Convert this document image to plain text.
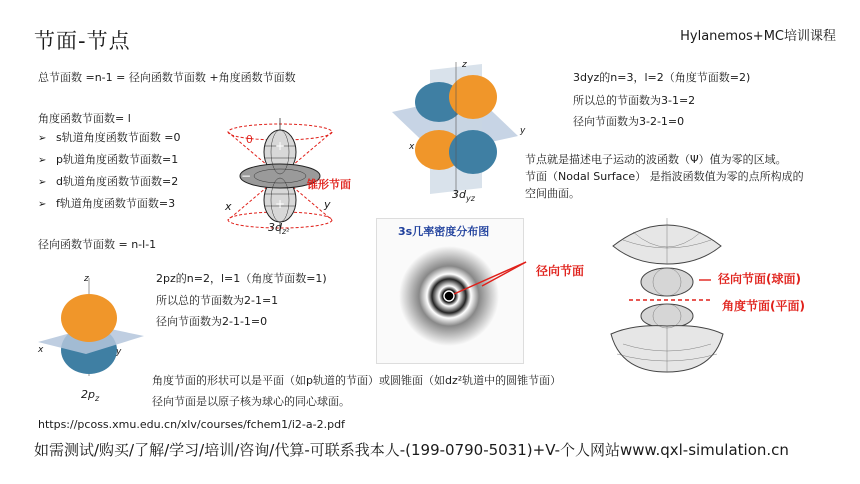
节面-节点	Hylanemos+MC培训课程
总节面数 =n-1 = 径向函数节面数 +角度函数节面数
角度函数节面数= l
➢ s轨道角度函数节面数 =0
➢ p轨道角度函数节面数=1
➢ d轨道角度函数节面数=2
➢ f轨道角度函数节面数=3
径向函数节面数 = n-l-1
+
+
−
θ
锥形节面
x	y
$3d_{z^2}$
z
x
y
$3d_{yz}$
3dyz的n=3，l=2（角度节面数=2)
所以总的节面数为3-1=2
径向节面数为3-2-1=0
节点就是描述电子运动的波函数（Ψ）值为零的区域。
节面（Nodal Surface） 是指波函数值为零的点所构成的
空间曲面。
z
x	y
$2p_z$
2pz的n=2，l=1（角度节面数=1)
所以总的节面数为2-1=1
径向节面数为2-1-1=0
3s几率密度分布图
径向节面
径向节面(球面)
角度节面(平面)
角度节面的形状可以是平面（如p轨道的节面）或圆锥面（如dz²轨道中的圆锥节面）
径向节面是以原子核为球心的同心球面。
https://pcoss.xmu.edu.cn/xlv/courses/fchem1/i2-a-2.pdf
如需测试/购买/了解/学习/培训/咨询/代算-可联系我本人-(199-0790-5031)+V-个人网站www.qxl-simulation.cn
